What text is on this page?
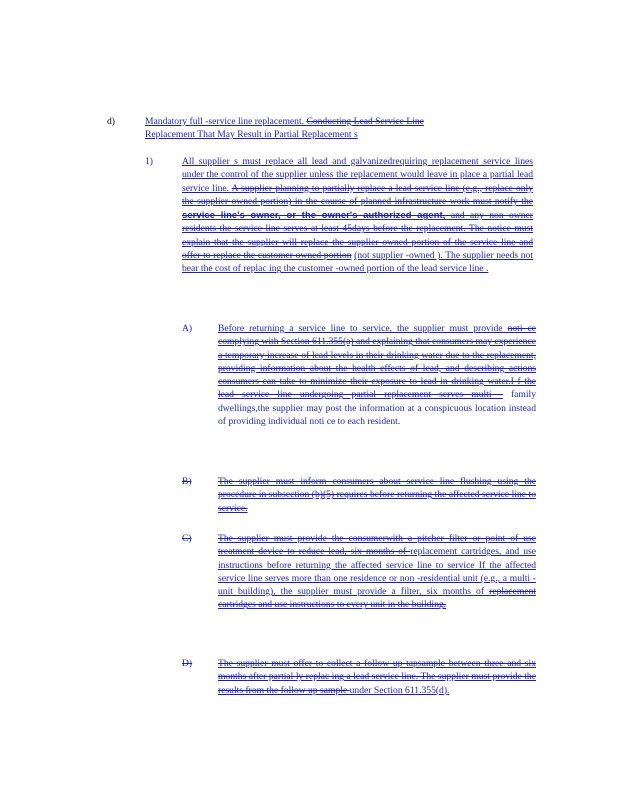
d)	Mandatory full -service line replacement. Conducting Lead Service Line
Replacement That May Result in Partial Replacement s
1)	All supplier s must replace all lead and galvanizedrequiring replacement service lines under the control of the supplier unless the replacement would leave in place a partial lead service line. A supplier planning to partially replace a lead service line (e.g., replace only the supplier owned portion) in the course of planned infrastructure work must notify the service line's owner, or the owner's authorized agent, and any non owner residents the service line serves at least 45days before the replacement. The notice must explain that the supplier will replace the supplier owned portion of the service line and offer to replace the customer owned portion (not supplier -owned ). The supplier needs not bear the cost of replac ing the customer -owned portion of the lead service line .
A)	Before returning a service line to service, the supplier must provide noti ce complying with Section 611.355(a) and explaining that consumers may experience a temporary increase of lead levels in their drinking water due to the replacement, providing information about the health effects of lead, and describing actions consumers can take to minimize their exposure to lead in drinking water.I f the lead service line undergoing partial replacement serves multi - family dwellings,the supplier may post the information at a conspicuous location instead of providing individual noti ce to each resident.
B)	The supplier must inform consumers about service line flushing using the procedure in subsection (b)(5) requires before returning the affected service line to service.
C)	The supplier must provide the consumerwith a pitcher filter or point of use treatment device to reduce lead, six months of replacement cartridges, and use instructions before returning the affected service line to service If the affected service line serves more than one residence or non -residential unit (e.g., a multi -unit building), the supplier must provide a filter, six months of replacement cartridges and use instructions to every unit in the building.
D)	The supplier must offer to collect a follow up tapsample between three and six months after partial ly replac ing a lead service line. The supplier must provide the results from the follow up sample under Section 611.355(d).
